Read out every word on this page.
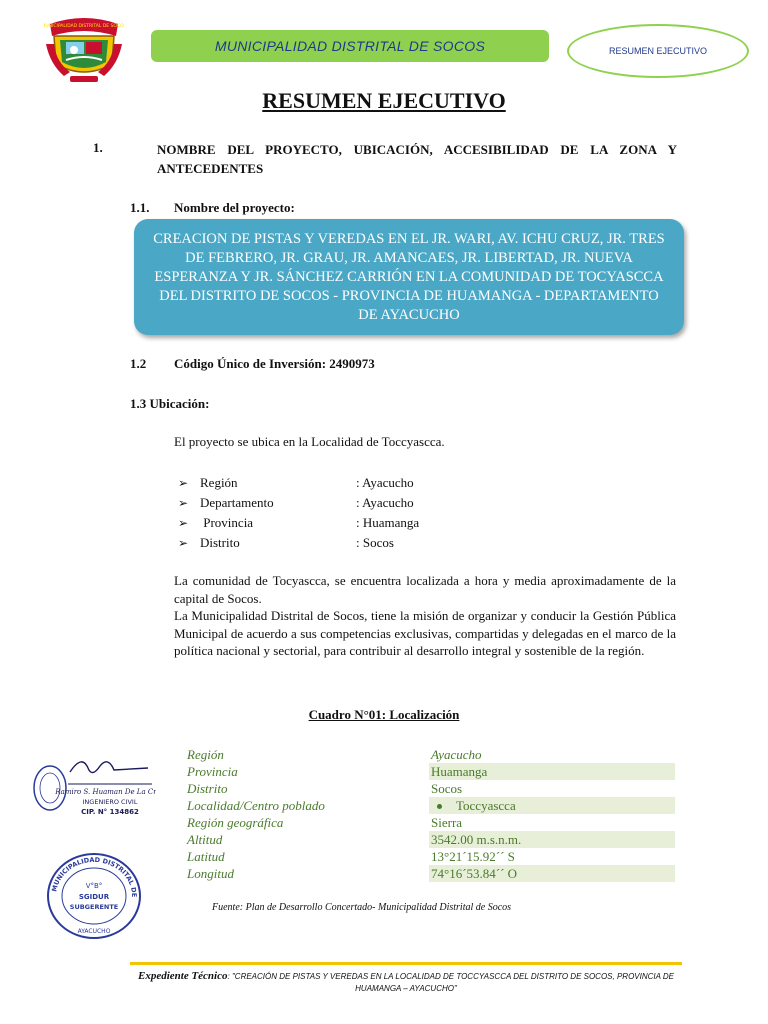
MUNICIPALIDAD DISTRITAL DE SOCOS
MUNICIPALIDAD DISTRITAL DE SOCOS	RESUMEN EJECUTIVO
RESUMEN EJECUTIVO
1.	NOMBRE DEL PROYECTO, UBICACIÓN, ACCESIBILIDAD DE LA ZONA Y ANTECEDENTES
1.1. Nombre del proyecto:
CREACION DE PISTAS Y VEREDAS EN EL JR. WARI, AV. ICHU CRUZ, JR. TRES DE FEBRERO, JR. GRAU, JR. AMANCAES, JR. LIBERTAD, JR. NUEVA ESPERANZA Y JR. SÁNCHEZ CARRIÓN EN LA COMUNIDAD DE TOCYASCCA DEL DISTRITO DE SOCOS - PROVINCIA DE HUAMANGA - DEPARTAMENTO DE AYACUCHO
1.2 Código Único de Inversión: 2490973
1.3 Ubicación:
El proyecto se ubica en la Localidad de Toccyascca.
➢ Región	: Ayacucho
➢ Departamento	: Ayacucho
➢ Provincia	: Huamanga
➢ Distrito	: Socos
La comunidad de Tocyascca, se encuentra localizada a hora y media aproximadamente de la capital de Socos.
La Municipalidad Distrital de Socos, tiene la misión de organizar y conducir la Gestión Pública Municipal de acuerdo a sus competencias exclusivas, compartidas y delegadas en el marco de la política nacional y sectorial, para contribuir al desarrollo integral y sostenible de la región.
Cuadro N°01: Localización
Región	Ayacucho
Provincia	Huamanga
Distrito	Socos
Localidad/Centro poblado	Toccyascca
Región geográfica	Sierra
Altitud	3542.00 m.s.n.m.
Latitud	13°21´15.92´´ S
Longitud	74°16´53.84´´ O
Fuente: Plan de Desarrollo Concertado- Municipalidad Distrital de Socos
Ramiro S. Huaman De La Cruz
INGENIERO CIVIL
CIP. N° 134862
MUNICIPALIDAD DISTRITAL DE
V°B°
SGIDUR
SUBGERENTE
AYACUCHO
Expediente Técnico: "CREACIÓN DE PISTAS Y VEREDAS EN LA LOCALIDAD DE TOCCYASCCA DEL DISTRITO DE SOCOS, PROVINCIA DE HUAMANGA – AYACUCHO"
